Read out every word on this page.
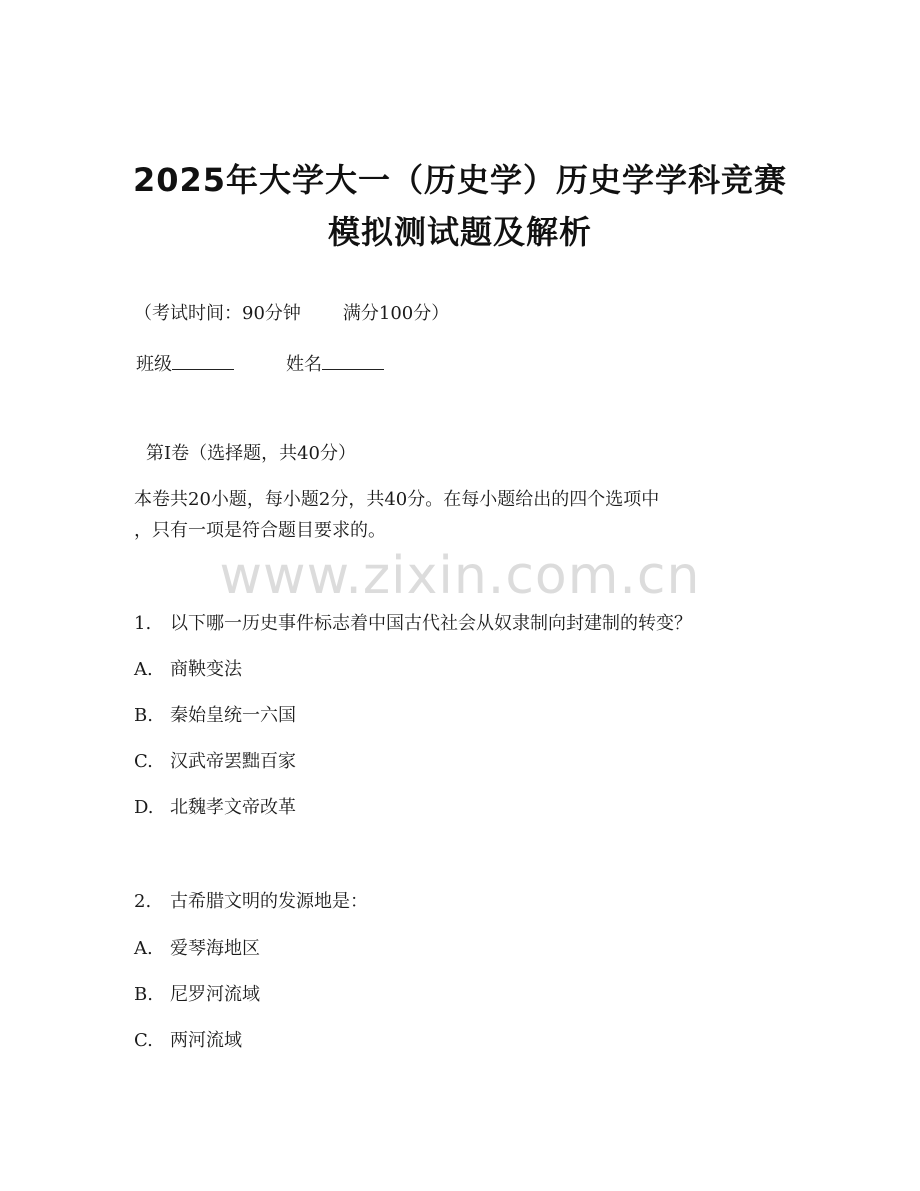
2025年大学大一（历史学）历史学学科竞赛
模拟测试题及解析
（考试时间：90分钟 满分100分）
班级	姓名
第Ⅰ卷（选择题，共40分）
本卷共20小题，每小题2分，共40分。在每小题给出的四个选项中
，只有一项是符合题目要求的。
www.zixin.com.cn
1. 以下哪一历史事件标志着中国古代社会从奴隶制向封建制的转变？
A. 商鞅变法
B. 秦始皇统一六国
C. 汉武帝罢黜百家
D. 北魏孝文帝改革
2. 古希腊文明的发源地是：
A. 爱琴海地区
B. 尼罗河流域
C. 两河流域
